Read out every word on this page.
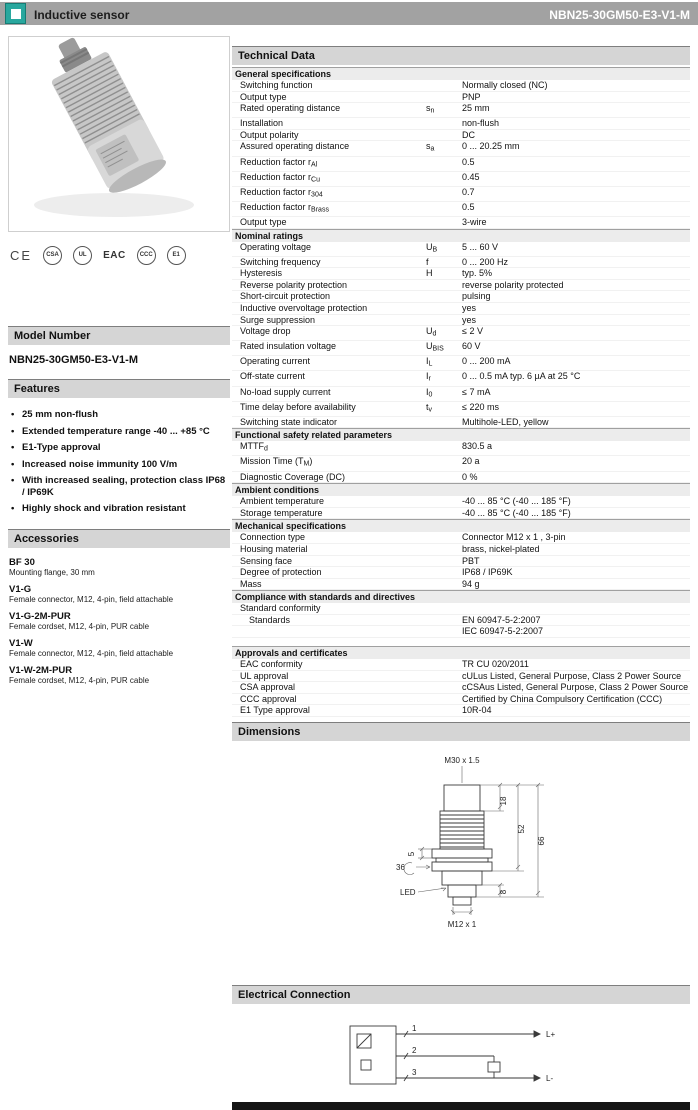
Inductive sensor	NBN25-30GM50-E3-V1-M
CE	CSA	UL	EAC	CCC	E1
Model Number
NBN25-30GM50-E3-V1-M
Features
• 25 mm non-flush
• Extended temperature range -40 ... +85 °C
• E1-Type approval
• Increased noise immunity 100 V/m
• With increased sealing, protection class IP68 / IP69K
• Highly shock and vibration resistant
Accessories
BF 30
Mounting flange, 30 mm
V1-G
Female connector, M12, 4-pin, field attachable
V1-G-2M-PUR
Female cordset, M12, 4-pin, PUR cable
V1-W
Female connector, M12, 4-pin, field attachable
V1-W-2M-PUR
Female cordset, M12, 4-pin, PUR cable
Technical Data
General specifications
Switching function	Normally closed (NC)
Output type	PNP
Rated operating distance	$s_n$	25 mm
Installation	non-flush
Output polarity	DC
Assured operating distance	$s_a$	0 ... 20.25 mm
Reduction factor $r_{Al}$	0.5
Reduction factor $r_{Cu}$	0.45
Reduction factor $r_{304}$	0.7
Reduction factor $r_{Brass}$	0.5
Output type	3-wire
Nominal ratings
Operating voltage	$U_B$	5 ... 60 V
Switching frequency	f	0 ... 200 Hz
Hysteresis	H	typ. 5%
Reverse polarity protection	reverse polarity protected
Short-circuit protection	pulsing
Inductive overvoltage protection	yes
Surge suppression	yes
Voltage drop	$U_d$	≤ 2 V
Rated insulation voltage	$U_{BIS}$	60 V
Operating current	$I_L$	0 ... 200 mA
Off-state current	$I_r$	0 ... 0.5 mA typ. 6 µA at 25 °C
No-load supply current	$I_0$	≤ 7 mA
Time delay before availability	$t_v$	≤ 220 ms
Switching state indicator	Multihole-LED, yellow
Functional safety related parameters
$MTTF_d$	830.5 a
Mission Time $(T_M)$	20 a
Diagnostic Coverage (DC)	0 %
Ambient conditions
Ambient temperature	-40 ... 85 °C (-40 ... 185 °F)
Storage temperature	-40 ... 85 °C (-40 ... 185 °F)
Mechanical specifications
Connection type	Connector M12 x 1 , 3-pin
Housing material	brass, nickel-plated
Sensing face	PBT
Degree of protection	IP68 / IP69K
Mass	94 g
Compliance with standards and directives
Standard conformity
Standards	EN 60947-5-2:2007
IEC 60947-5-2:2007
Approvals and certificates
EAC conformity	TR CU 020/2011
UL approval	cULus Listed, General Purpose, Class 2 Power Source
CSA approval	cCSAus Listed, General Purpose, Class 2 Power Source
CCC approval	Certified by China Compulsory Certification (CCC)
E1 Type approval	10R-04
Dimensions
M30 x 1.5
18
52
66
8
5
36
LED
M12 x 1
Electrical Connection
1
2
3
L+
L-
